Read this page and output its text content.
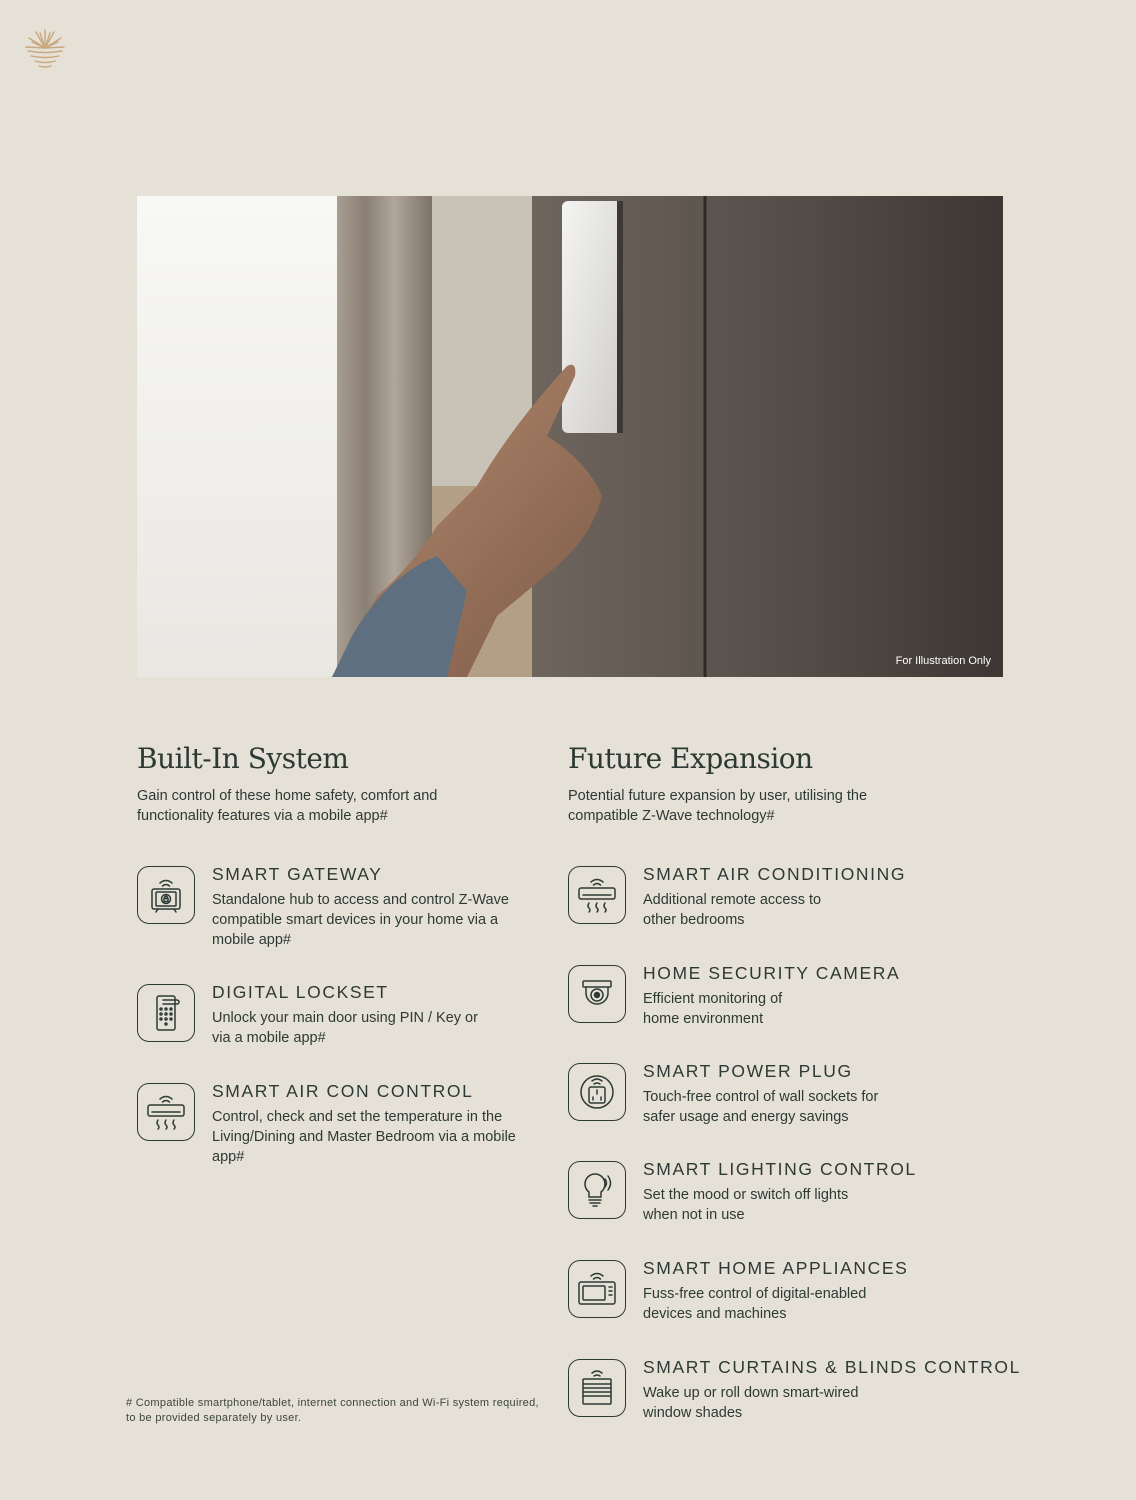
For Illustration Only
Built-In System

Gain control of these home safety, comfort and functionality features via a mobile app#

SMART GATEWAY
Standalone hub to access and control Z-Wave compatible smart devices in your home via a mobile app#
DIGITAL LOCKSET
Unlock your main door using PIN / Key or via a mobile app#
SMART AIR CON CONTROL
Control, check and set the temperature in the Living/Dining and Master Bedroom via a mobile app#
Future Expansion

Potential future expansion by user, utilising the compatible Z-Wave technology#

SMART AIR CONDITIONING
Additional remote access to other bedrooms
HOME SECURITY CAMERA
Efficient monitoring of home environment
SMART POWER PLUG
Touch-free control of wall sockets for safer usage and energy savings
SMART LIGHTING CONTROL
Set the mood or switch off lights when not in use
SMART HOME APPLIANCES
Fuss-free control of digital-enabled devices and machines
SMART CURTAINS & BLINDS CONTROL
Wake up or roll down smart-wired window shades

# Compatible smartphone/tablet, internet connection and Wi-Fi system required, to be provided separately by user.
